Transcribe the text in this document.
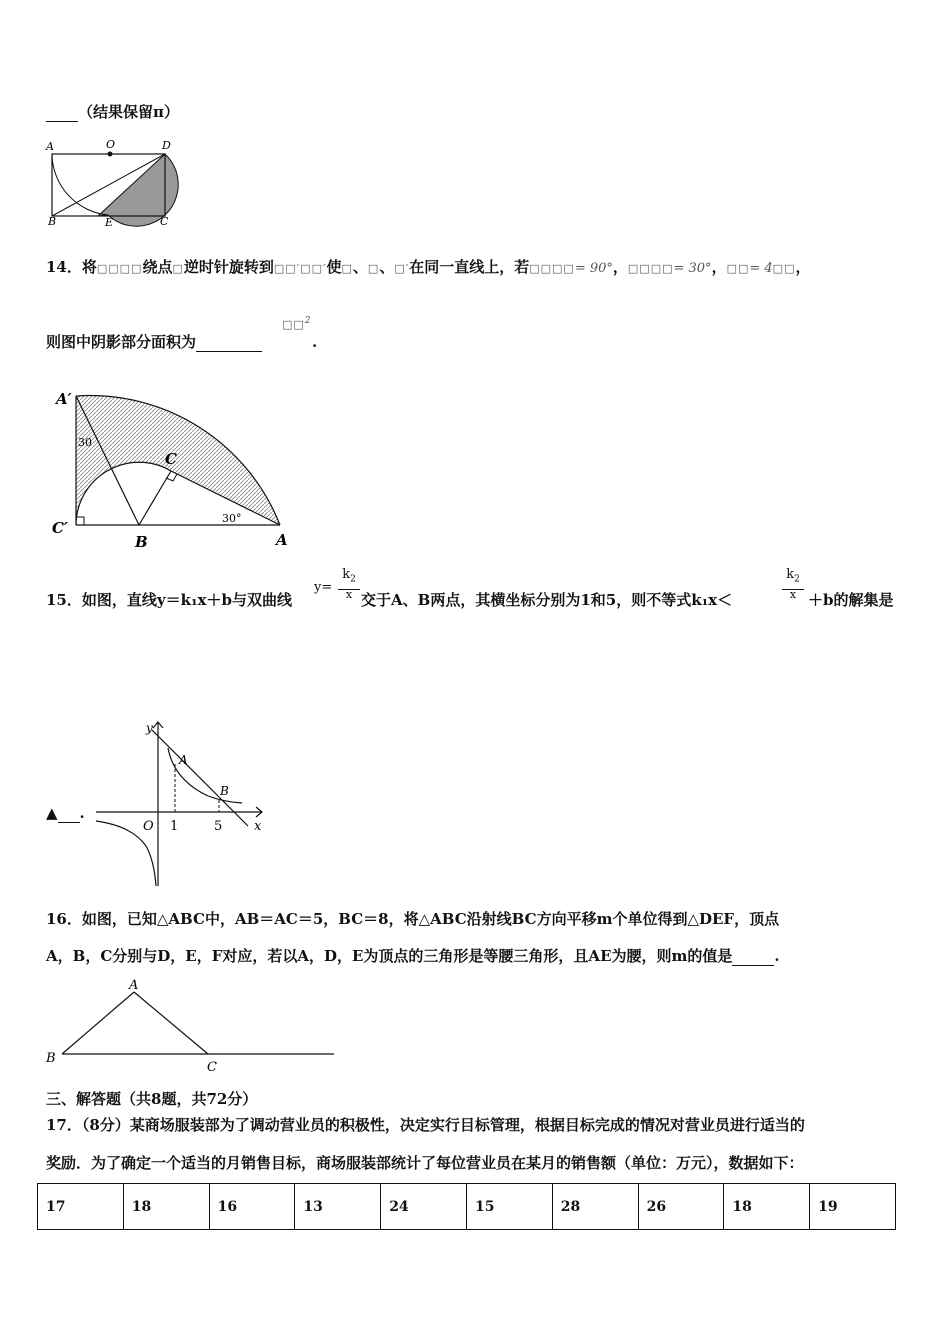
（结果保留π）
A	O	D
B	E	C
14．将□□□□绕点□逆时针旋转到□□′□□′使□、□、□′在同一直线上，若□□□□= 90°，□□□□= 30°，□□= 4□□，
则图中阴影部分面积为
□□$^2$
.
A′
30
C
C′
B	A
30°
15．如图，直线y＝k₁x＋b与双曲线
y=
$k_2$
x 交于A、B两点，其横坐标分别为1和5，则不等式k₁x＜
$k_2$
x ＋b的解集是
▲ .
y
A
B
O 1	5 x
16．如图，已知△ABC中，AB＝AC＝5，BC＝8，将△ABC沿射线BC方向平移m个单位得到△DEF，顶点
A，B，C分别与D，E，F对应，若以A，D，E为顶点的三角形是等腰三角形，且AE为腰，则m的值是	.
A
B
C
三、解答题（共8题，共72分）
17．（8分）某商场服装部为了调动营业员的积极性，决定实行目标管理，根据目标完成的情况对营业员进行适当的
奖励．为了确定一个适当的月销售目标，商场服装部统计了每位营业员在某月的销售额（单位：万元），数据如下：
17	18	16	13	24	15	28	26	18	19
